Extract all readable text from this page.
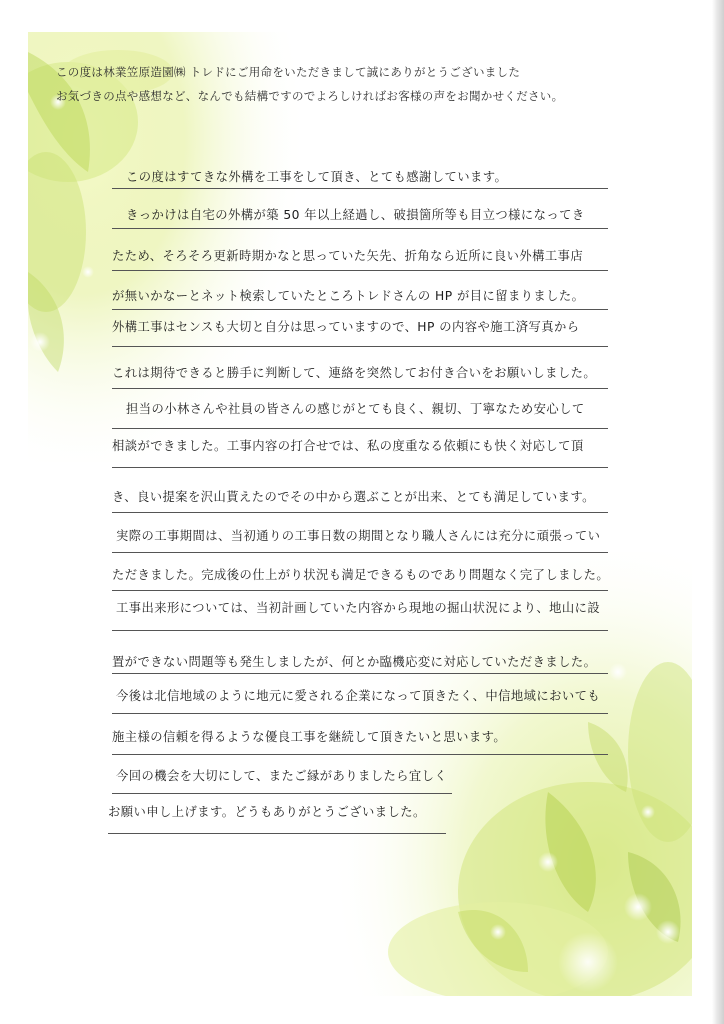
この度は林業笠原造園㈱ トレドにご用命をいただきまして誠にありがとうございました
お気づきの点や感想など、なんでも結構ですのでよろしければお客様の声をお聞かせください。
この度はすてきな外構を工事をして頂き、とても感謝しています。
きっかけは自宅の外構が築 50 年以上経過し、破損箇所等も目立つ様になってき
たため、そろそろ更新時期かなと思っていた矢先、折角なら近所に良い外構工事店
が無いかなーとネット検索していたところトレドさんの HP が目に留まりました。
外構工事はセンスも大切と自分は思っていますので、HP の内容や施工済写真から
これは期待できると勝手に判断して、連絡を突然してお付き合いをお願いしました。
担当の小林さんや社員の皆さんの感じがとても良く、親切、丁寧なため安心して
相談ができました。工事内容の打合せでは、私の度重なる依頼にも快く対応して頂
き、良い提案を沢山貰えたのでその中から選ぶことが出来、とても満足しています。
実際の工事期間は、当初通りの工事日数の期間となり職人さんには充分に頑張ってい
ただきました。完成後の仕上がり状況も満足できるものであり問題なく完了しました。
工事出来形については、当初計画していた内容から現地の掘山状況により、地山に設
置ができない問題等も発生しましたが、何とか臨機応変に対応していただきました。
今後は北信地域のように地元に愛される企業になって頂きたく、中信地域においても
施主様の信頼を得るような優良工事を継続して頂きたいと思います。
今回の機会を大切にして、またご縁がありましたら宜しく
お願い申し上げます。どうもありがとうございました。
